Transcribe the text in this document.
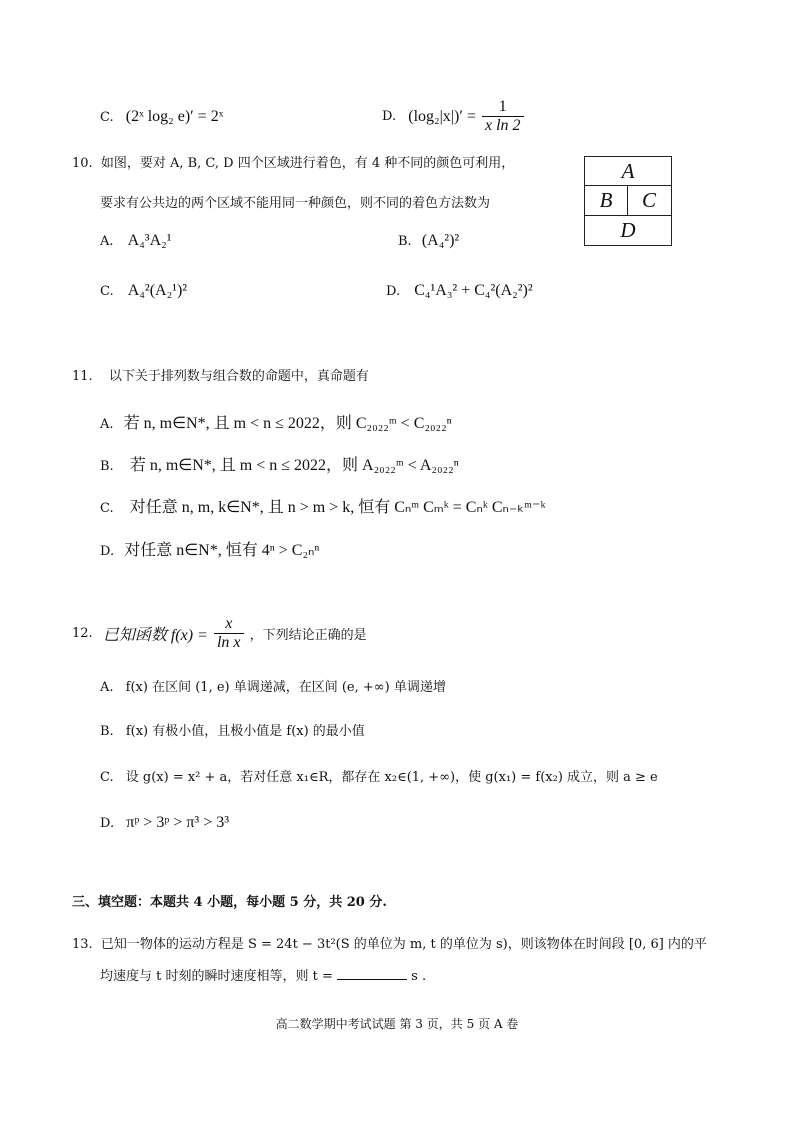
C. (2ˣ log₂ e)′ = 2ˣ	D. $(\log_2|x|)' = \frac{1}{\text{x ln 2}}$
10. 如图，要对 A, B, C, D 四个区域进行着色，有 4 种不同的颜色可利用，
要求有公共边的两个区域不能用同一种颜色，则不同的着色方法数为
A
B	C
D
A. A₄³A₂¹	B. (A₄²)²
C. A₄²(A₂¹)²	D. C₄¹A₃² + C₄²(A₂²)²
11. 以下关于排列数与组合数的命题中，真命题有
A. 若 n, m∈N*, 且 m < n ≤ 2022，则 C₂₀₂₂ᵐ < C₂₀₂₂ⁿ
B. 若 n, m∈N*, 且 m < n ≤ 2022，则 A₂₀₂₂ᵐ < A₂₀₂₂ⁿ
C. 对任意 n, m, k∈N*, 且 n > m > k, 恒有 Cₙᵐ Cₘᵏ = Cₙᵏ Cₙ₋ₖᵐ⁻ᵏ
D. 对任意 n∈N*, 恒有 4ⁿ > C₂ₙⁿ
12. 已知函数 $f(x) = \frac{x}{\text{ln x}}$ ，下列结论正确的是
A. f(x) 在区间 (1, e) 单调递减，在区间 (e, +∞) 单调递增
B. f(x) 有极小值，且极小值是 f(x) 的最小值
C. 设 g(x) = x² + a，若对任意 x₁∈R，都存在 x₂∈(1, +∞)，使 g(x₁) = f(x₂) 成立，则 a ≥ e
D. πᵖ > 3ᵖ > π³ > 3³
三、填空题：本题共 4 小题，每小题 5 分，共 20 分.
13. 已知一物体的运动方程是 S = 24t − 3t²(S 的单位为 m, t 的单位为 s)，则该物体在时间段 [0, 6] 内的平
均速度与 t 时刻的瞬时速度相等，则 t =	s .
高二数学期中考试试题 第 3 页，共 5 页 A 卷
